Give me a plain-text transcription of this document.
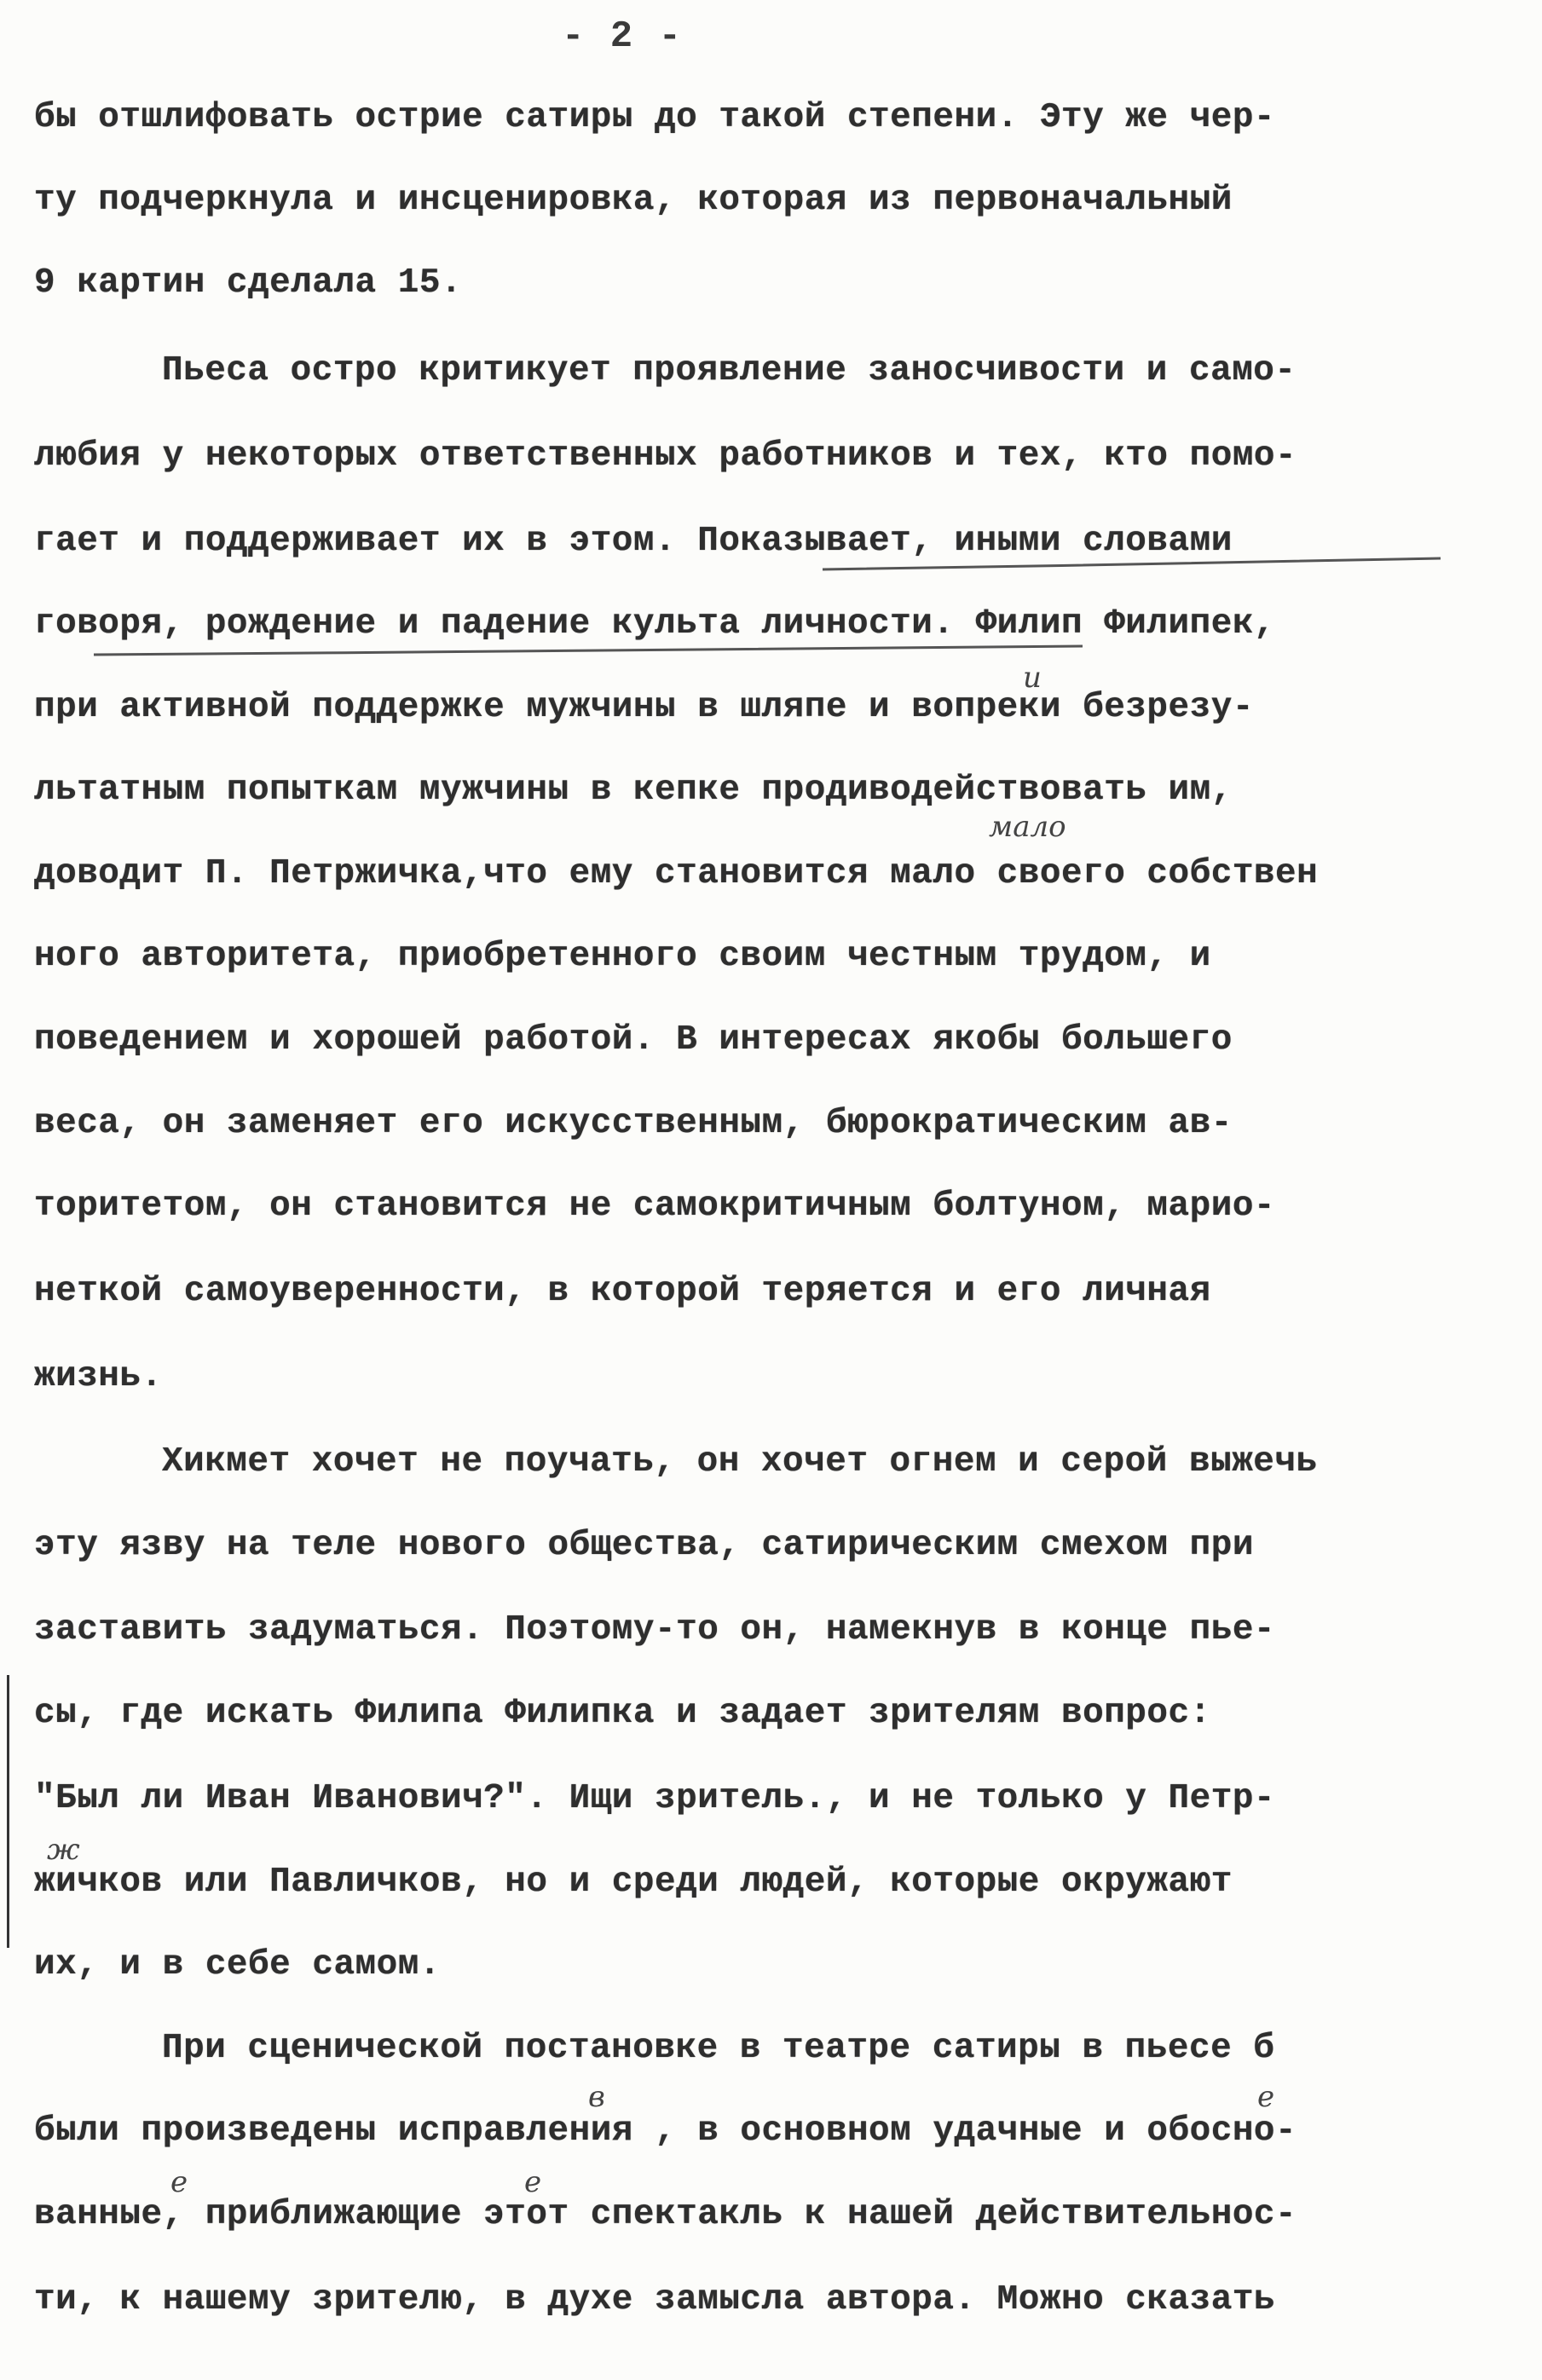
- 2 -
бы отшлифовать острие сатиры до такой степени. Эту же чер-
ту подчеркнула и инсценировка, которая из первоначальный
9 картин сделала 15.
Пьеса остро критикует проявление заносчивости и само-
любия у некоторых ответственных работников и тех, кто помо-
гает и поддерживает их в этом. Показывает, иными словами
говоря, рождение и падение культа личности. Филип Филипек,
при активной поддержке мужчины в шляпе и вопреки безрезу-
льтатным попыткам мужчины в кепке продиводействовать им,
доводит П. Петржичка,что ему становится мало своего собствен
ного авторитета, приобретенного своим честным трудом, и
поведением и хорошей работой. В интересах якобы большего
веса, он заменяет его искусственным, бюрократическим ав-
торитетом, он становится не самокритичным болтуном, марио-
неткой самоуверенности, в которой теряется и его личная
жизнь.
Хикмет хочет не поучать, он хочет огнем и серой выжечь
эту язву на теле нового общества, сатирическим смехом при
заставить задуматься. Поэтому-то он, намекнув в конце пье-
сы, где искать Филипа Филипка и задает зрителям вопрос:
"Был ли Иван Иванович?". Ищи зритель., и не только у Петр-
жичков или Павличков, но и среди людей, которые окружают
их, и в себе самом.
При сценической постановке в театре сатиры в пьесе б
были произведены исправления , в основном удачные и обосно-
ванные, приближающие этот спектакль к нашей действительнос-
ти, к нашему зрителю, в духе замысла автора. Можно сказать
и
мало
в	е
е	е
ж
